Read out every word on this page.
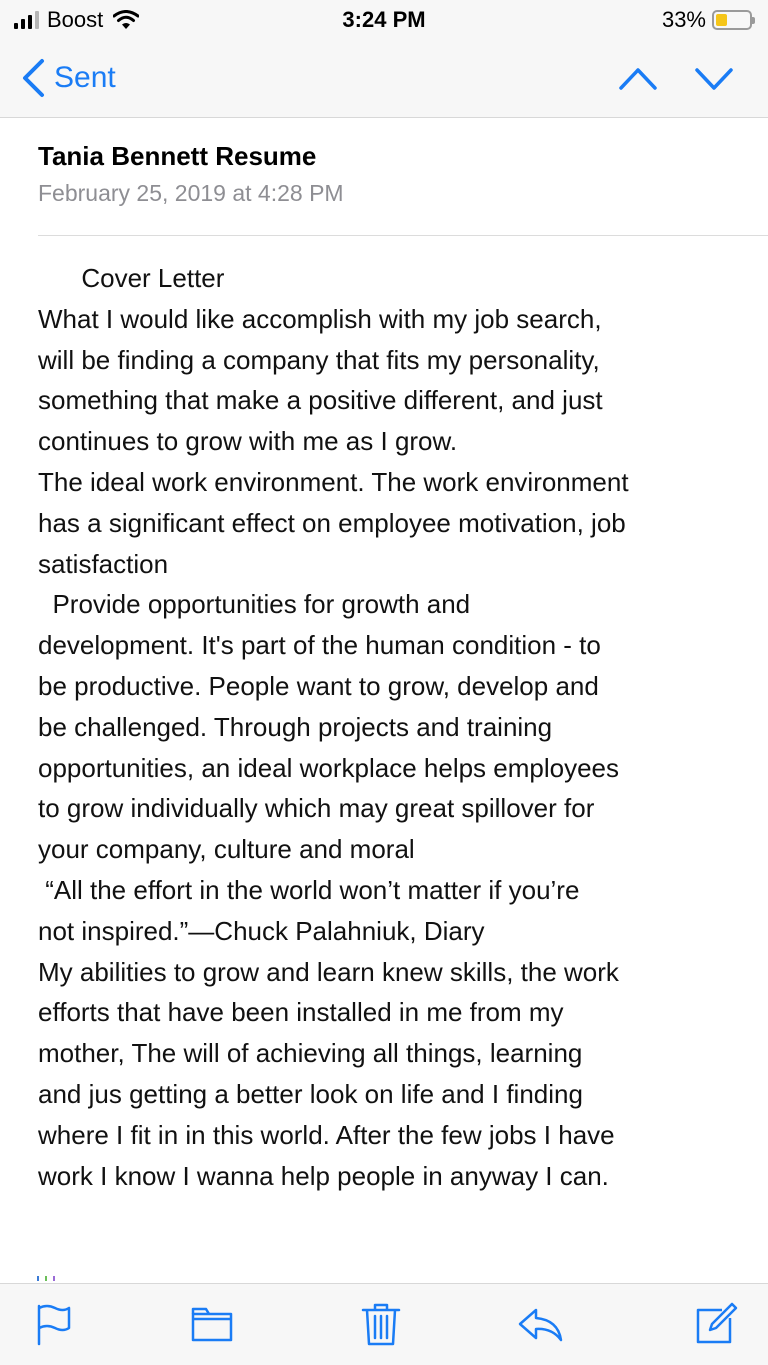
Boost	3:24 PM	33%
Sent
Tania Bennett Resume
February 25, 2019 at 4:28 PM

Cover Letter

What I would like accomplish with my job search,

will be finding a company that fits my personality,

something that make a positive different, and just

continues to grow with me as I grow.

The ideal work environment. The work environment

has a significant effect on employee motivation, job

satisfaction

Provide opportunities for growth and

development. It's part of the human condition - to

be productive. People want to grow, develop and

be challenged. Through projects and training

opportunities, an ideal workplace helps employees

to grow individually which may great spillover for

your company, culture and moral

“All the effort in the world won’t matter if you’re

not inspired.”—Chuck Palahniuk, Diary

My abilities to grow and learn knew skills, the work

efforts that have been installed in me from my

mother, The will of achieving all things, learning

and jus getting a better look on life and I finding

where I fit in in this world. After the few jobs I have

work I know I wanna help people in anyway I can.
